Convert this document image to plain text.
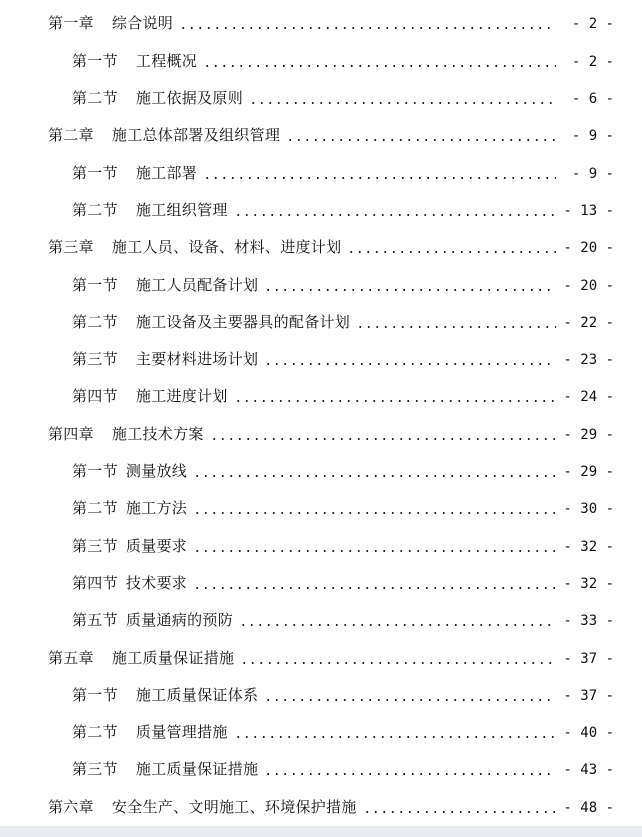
第一章 综合说明	- 2 -
第一节 工程概况	- 2 -
第二节 施工依据及原则	- 6 -
第二章 施工总体部署及组织管理	- 9 -
第一节 施工部署	- 9 -
第二节 施工组织管理	- 13 -
第三章 施工人员、设备、材料、进度计划	- 20 -
第一节 施工人员配备计划	- 20 -
第二节 施工设备及主要器具的配备计划	- 22 -
第三节 主要材料进场计划	- 23 -
第四节 施工进度计划	- 24 -
第四章 施工技术方案	- 29 -
第一节 测量放线	- 29 -
第二节 施工方法	- 30 -
第三节 质量要求	- 32 -
第四节 技术要求	- 32 -
第五节 质量通病的预防	- 33 -
第五章 施工质量保证措施	- 37 -
第一节 施工质量保证体系	- 37 -
第二节 质量管理措施	- 40 -
第三节 施工质量保证措施	- 43 -
第六章 安全生产、文明施工、环境保护措施	- 48 -
